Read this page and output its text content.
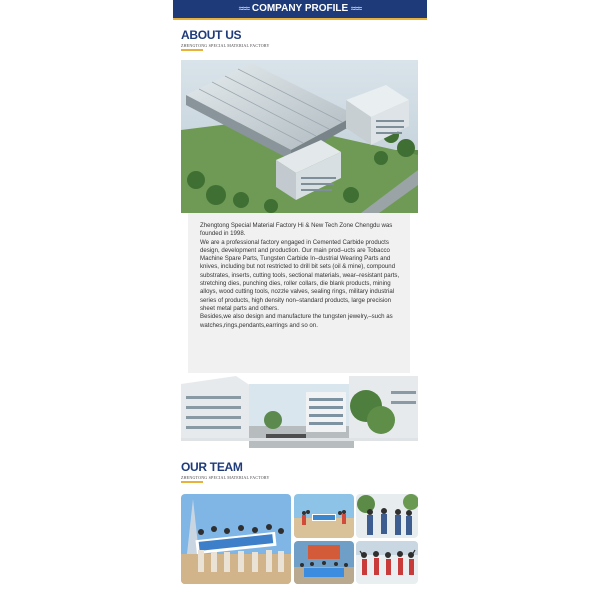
≈≈≈ COMPANY PROFILE ≈≈≈
ABOUT US
ZHENGTONG SPECIAL MATERIAL FACTORY

Zhengtong Special Material Factory Hi & New Tech Zone Chengdu was founded in 1998.

We are a professional factory engaged in Cemented Carbide products design, development and production. Our main prod–ucts are Tobacco Machine Spare Parts, Tungsten Carbide In–dustrial Wearing Parts and knives, including but not restricted to drill bit sets (oil & mine), compound substrates, inserts, cutting tools, sectional materials, wear–resistant parts, stretching dies, punching dies, roller collars, die blank products, mining alloys, wood cutting tools, nozzle valves, sealing rings, military industrial series of products, high density non–standard products, large precision sheet metal parts and others.

Besides,we also design and manufacture the tungsten jewelry,–such as watches,rings,pendants,earrings and so on.

OUR TEAM
ZHENGTONG SPECIAL MATERIAL FACTORY
